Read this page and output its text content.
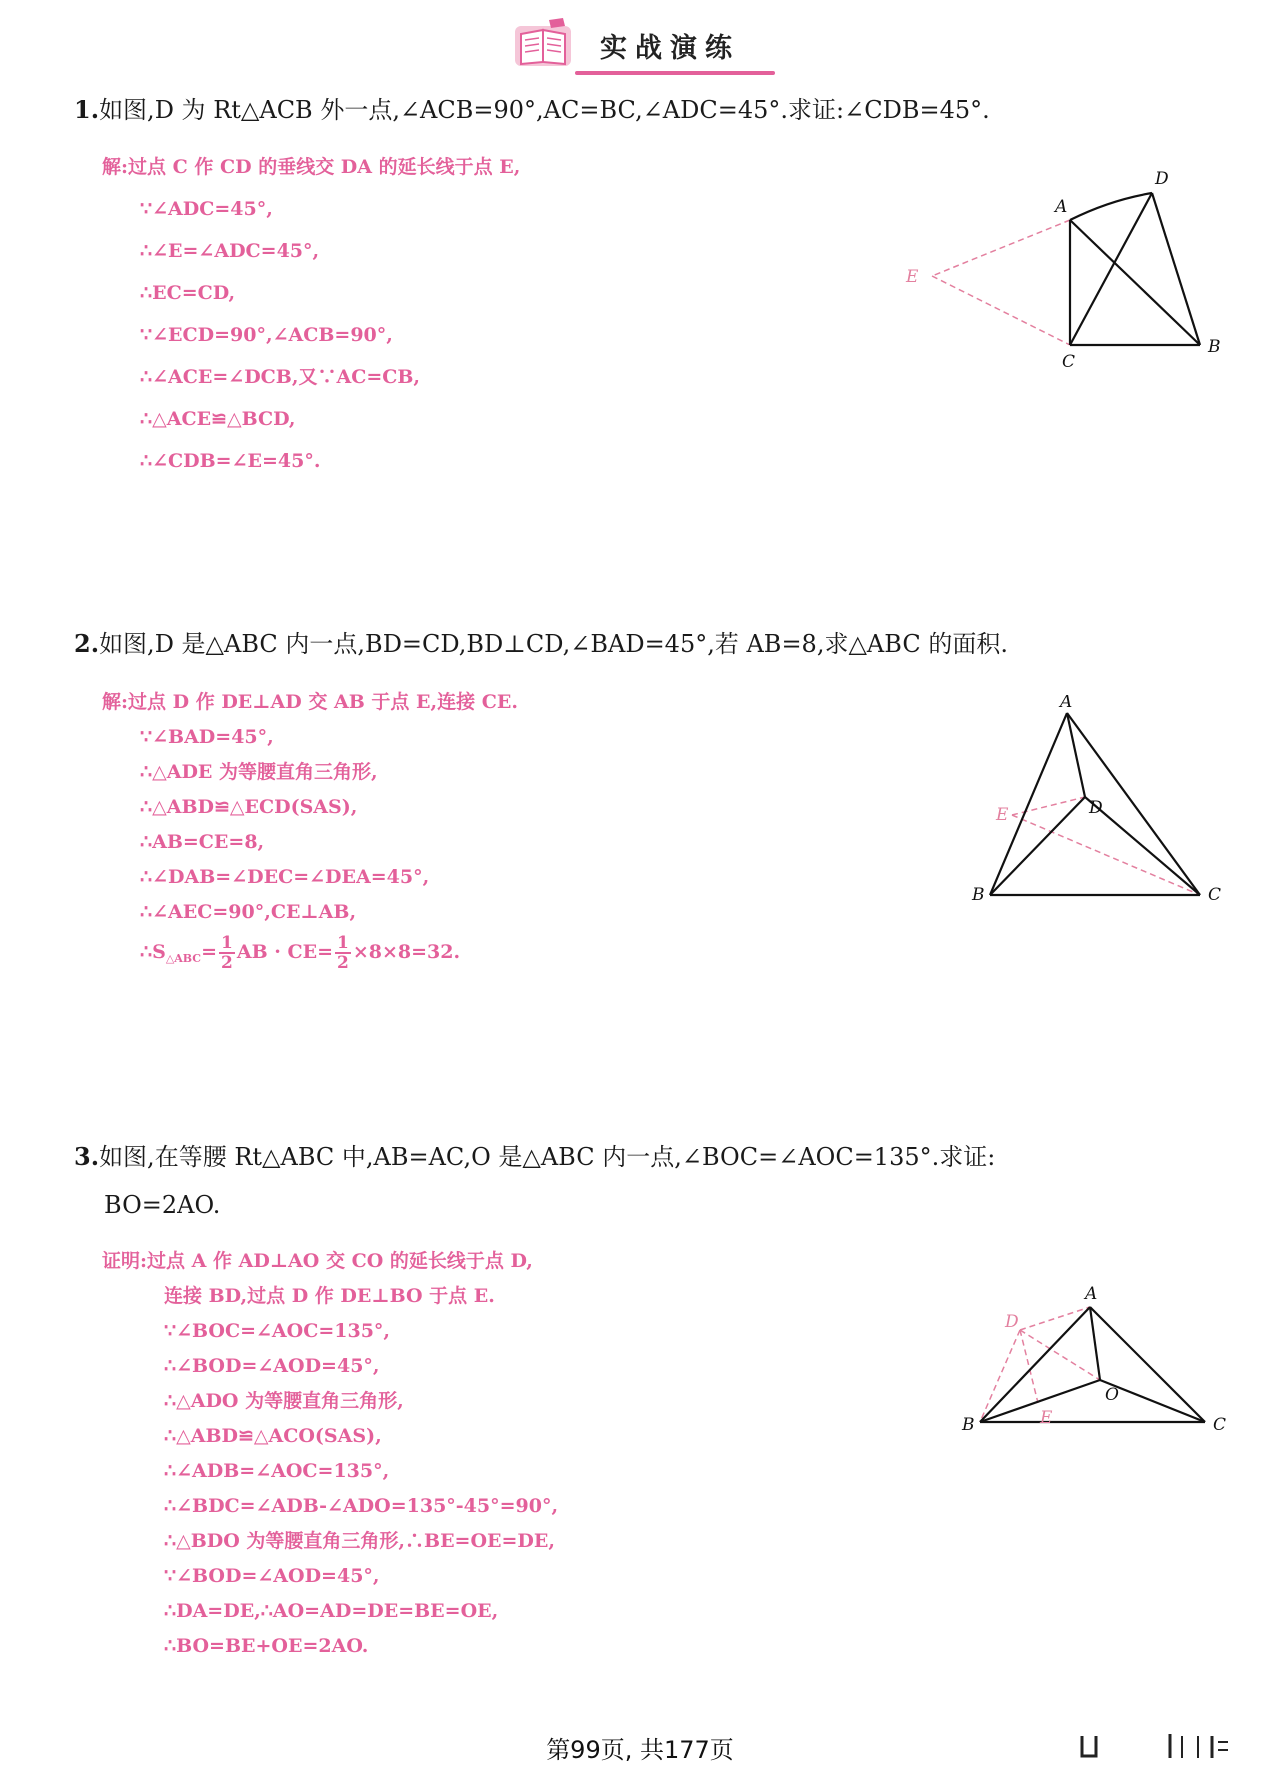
实战演练
1.如图,D 为 Rt△ACB 外一点,∠ACB=90°,AC=BC,∠ADC=45°.求证:∠CDB=45°.
解:过点 C 作 CD 的垂线交 DA 的延长线于点 E,
∵∠ADC=45°,
∴∠E=∠ADC=45°,
∴EC=CD,
∵∠ECD=90°,∠ACB=90°,
∴∠ACE=∠DCB,又∵AC=CB,
∴△ACE≌△BCD,
∴∠CDB=∠E=45°.
A
D
B
C
E
2.如图,D 是△ABC 内一点,BD=CD,BD⊥CD,∠BAD=45°,若 AB=8,求△ABC 的面积.
解:过点 D 作 DE⊥AD 交 AB 于点 E,连接 CE.
∵∠BAD=45°,
∴△ADE 为等腰直角三角形,
∴△ABD≌△ECD(SAS),
∴AB=CE=8,
∴∠DAB=∠DEC=∠DEA=45°,
∴∠AEC=90°,CE⊥AB,
$\therefore S_{\triangle ABC}= \frac{1}{2}$ AB · $CE= \frac{1}{2} \times 8\times 8=32$.
A
D
B	C
E
3.如图,在等腰 Rt△ABC 中,AB=AC,O 是△ABC 内一点,∠BOC=∠AOC=135°.求证:
BO=2AO.
证明:过点 A 作 AD⊥AO 交 CO 的延长线于点 D,
连接 BD,过点 D 作 DE⊥BO 于点 E.
∵∠BOC=∠AOC=135°,
∴∠BOD=∠AOD=45°,
∴△ADO 为等腰直角三角形,
∴△ABD≌△ACO(SAS),
∴∠ADB=∠AOC=135°,
∴∠BDC=∠ADB-∠ADO=135°-45°=90°,
∴△BDO 为等腰直角三角形,∴BE=OE=DE,
∵∠BOD=∠AOD=45°,
∴DA=DE,∴AO=AD=DE=BE=OE,
∴BO=BE+OE=2AO.
A
D
O
B	C
E
第99页, 共177页
